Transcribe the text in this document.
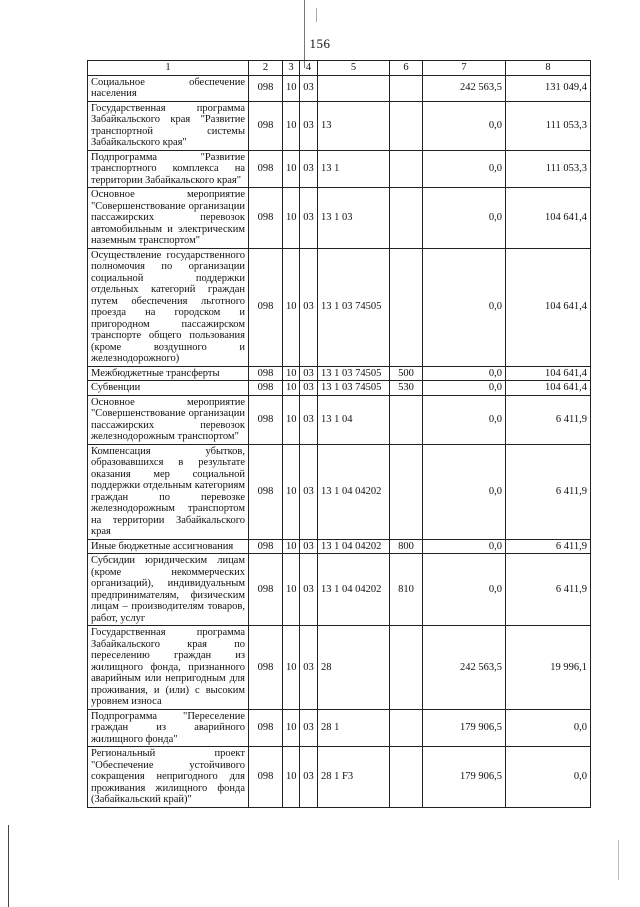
156
1	2	3	4	5	6	7	8
Социальное обеспечение населения	098	10	03			242 563,5	131 049,4
Государственная программа Забайкальского края "Развитие транспортной системы Забайкальского края"	098	10	03	13		0,0	111 053,3
Подпрограмма "Развитие транспортного комплекса на территории Забайкальского края"	098	10	03	13 1		0,0	111 053,3
Основное мероприятие "Совершенствование организации пассажирских перевозок автомобильным и электрическим наземным транспортом"	098	10	03	13 1 03		0,0	104 641,4
Осуществление государственного полномочия по организации социальной поддержки отдельных категорий граждан путем обеспечения льготного проезда на городском и пригородном пассажирском транспорте общего пользования (кроме воздушного и железнодорожного)	098	10	03	13 1 03 74505		0,0	104 641,4
Межбюджетные трансферты	098	10	03	13 1 03 74505	500	0,0	104 641,4
Субвенции	098	10	03	13 1 03 74505	530	0,0	104 641,4
Основное мероприятие "Совершенствование организации пассажирских перевозок железнодорожным транспортом"	098	10	03	13 1 04		0,0	6 411,9
Компенсация убытков, образовавшихся в результате оказания мер социальной поддержки отдельным категориям граждан по перевозке железнодорожным транспортом на территории Забайкальского края	098	10	03	13 1 04 04202		0,0	6 411,9
Иные бюджетные ассигнования	098	10	03	13 1 04 04202	800	0,0	6 411,9
Субсидии юридическим лицам (кроме некоммерческих организаций), индивидуальным предпринимателям, физическим лицам – производителям товаров, работ, услуг	098	10	03	13 1 04 04202	810	0,0	6 411,9
Государственная программа Забайкальского края по переселению граждан из жилищного фонда, признанного аварийным или непригодным для проживания, и (или) с высоким уровнем износа	098	10	03	28		242 563,5	19 996,1
Подпрограмма "Переселение граждан из аварийного жилищного фонда"	098	10	03	28 1		179 906,5	0,0
Региональный проект "Обеспечение устойчивого сокращения непригодного для проживания жилищного фонда (Забайкальский край)"	098	10	03	28 1 F3		179 906,5	0,0
